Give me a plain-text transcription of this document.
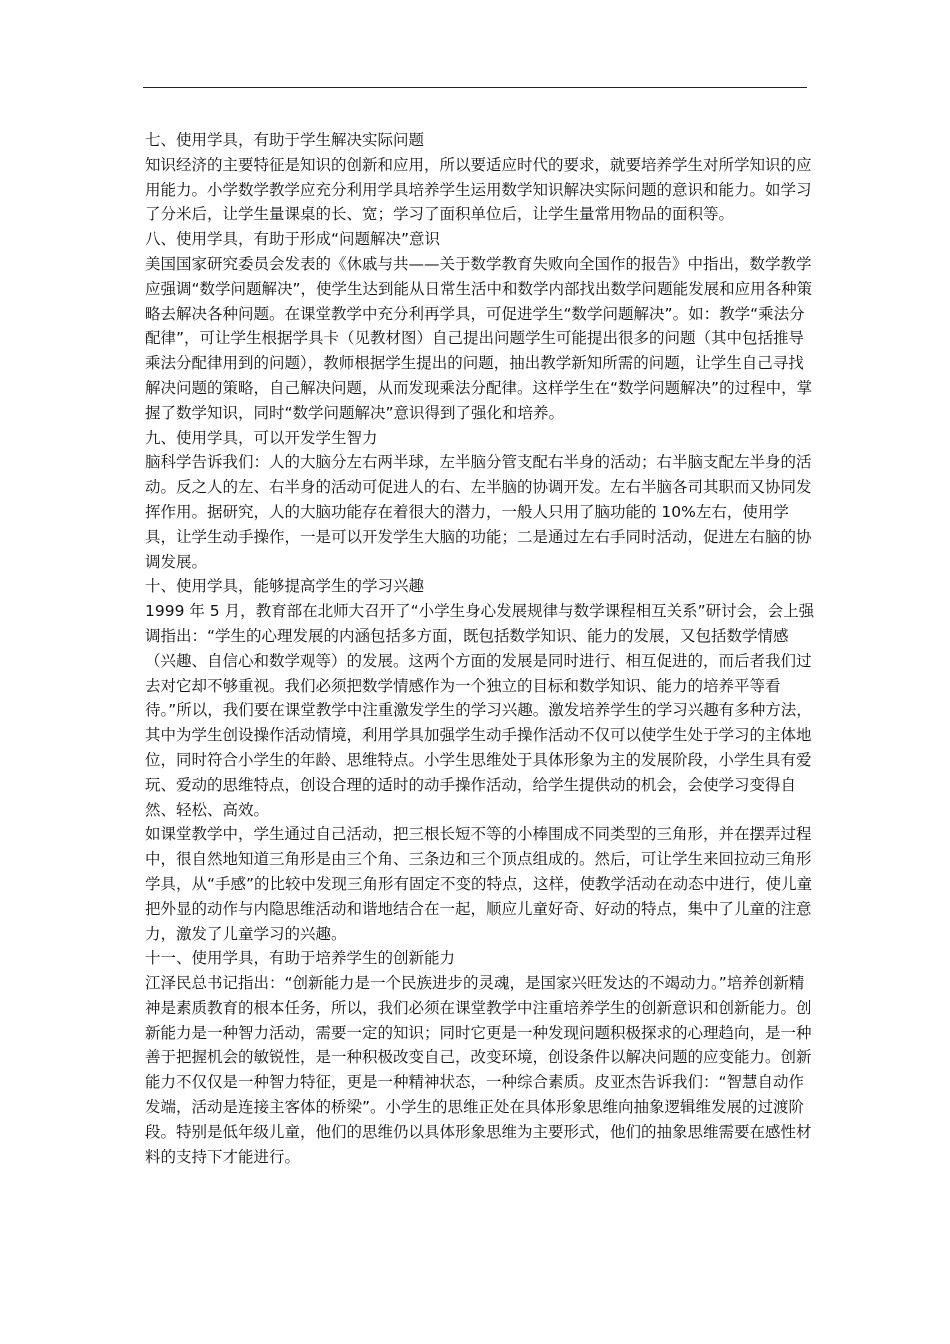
七、使用学具，有助于学生解决实际问题

知识经济的主要特征是知识的创新和应用，所以要适应时代的要求，就要培养学生对所学知识的应用能力。小学数学教学应充分利用学具培养学生运用数学知识解决实际问题的意识和能力。如学习了分米后，让学生量课桌的长、宽；学习了面积单位后，让学生量常用物品的面积等。

八、使用学具，有助于形成“问题解决”意识

美国国家研究委员会发表的《休戚与共——关于数学教育失败向全国作的报告》中指出，数学教学应强调“数学问题解决”，使学生达到能从日常生活中和数学内部找出数学问题能发展和应用各种策略去解决各种问题。在课堂教学中充分利再学具，可促进学生“数学问题解决”。如：教学“乘法分配律”，可让学生根据学具卡（见教材图）自己提出问题学生可能提出很多的问题（其中包括推导乘法分配律用到的问题），教师根据学生提出的问题，抽出教学新知所需的问题，让学生自己寻找解决问题的策略，自己解决问题，从而发现乘法分配律。这样学生在“数学问题解决”的过程中，掌握了数学知识，同时“数学问题解决”意识得到了强化和培养。

九、使用学具，可以开发学生智力

脑科学告诉我们：人的大脑分左右两半球，左半脑分管支配右半身的活动；右半脑支配左半身的活动。反之人的左、右半身的活动可促进人的右、左半脑的协调开发。左右半脑各司其职而又协同发挥作用。据研究，人的大脑功能存在着很大的潜力，一般人只用了脑功能的 10%左右，使用学具，让学生动手操作，一是可以开发学生大脑的功能；二是通过左右手同时活动，促进左右脑的协调发展。

十、使用学具，能够提高学生的学习兴趣

1999 年 5 月，教育部在北师大召开了“小学生身心发展规律与数学课程相互关系”研讨会，会上强调指出：“学生的心理发展的内涵包括多方面，既包括数学知识、能力的发展，又包括数学情感（兴趣、自信心和数学观等）的发展。这两个方面的发展是同时进行、相互促进的，而后者我们过去对它却不够重视。我们必须把数学情感作为一个独立的目标和数学知识、能力的培养平等看待。”所以，我们要在课堂教学中注重激发学生的学习兴趣。激发培养学生的学习兴趣有多种方法，其中为学生创设操作活动情境，利用学具加强学生动手操作活动不仅可以使学生处于学习的主体地位，同时符合小学生的年龄、思维特点。小学生思维处于具体形象为主的发展阶段，小学生具有爱玩、爱动的思维特点，创设合理的适时的动手操作活动，给学生提供动的机会，会使学习变得自然、轻松、高效。

如课堂教学中，学生通过自己活动，把三根长短不等的小棒围成不同类型的三角形，并在摆弄过程中，很自然地知道三角形是由三个角、三条边和三个顶点组成的。然后，可让学生来回拉动三角形学具，从“手感”的比较中发现三角形有固定不变的特点，这样，使教学活动在动态中进行，使儿童把外显的动作与内隐思维活动和谐地结合在一起，顺应儿童好奇、好动的特点，集中了儿童的注意力，激发了儿童学习的兴趣。

十一、使用学具，有助于培养学生的创新能力

江泽民总书记指出：“创新能力是一个民族进步的灵魂，是国家兴旺发达的不竭动力。”培养创新精神是素质教育的根本任务，所以，我们必须在课堂教学中注重培养学生的创新意识和创新能力。创新能力是一种智力活动，需要一定的知识；同时它更是一种发现问题积极探求的心理趋向，是一种善于把握机会的敏锐性，是一种积极改变自己，改变环境，创设条件以解决问题的应变能力。创新能力不仅仅是一种智力特征，更是一种精神状态，一种综合素质。皮亚杰告诉我们：“智慧自动作发端，活动是连接主客体的桥梁”。小学生的思维正处在具体形象思维向抽象逻辑维发展的过渡阶段。特别是低年级儿童，他们的思维仍以具体形象思维为主要形式，他们的抽象思维需要在感性材料的支持下才能进行。
